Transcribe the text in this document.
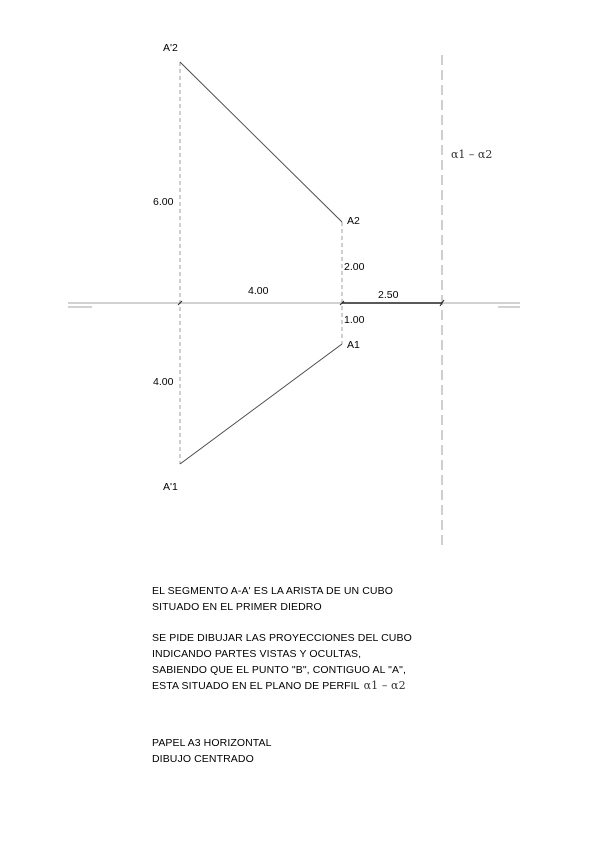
A'2
A2
A1
A'1
6.00
2.00
4.00	2.50
1.00
4.00
α1 – α2

EL SEGMENTO A-A' ES LA ARISTA DE UN CUBO

SITUADO EN EL PRIMER DIEDRO

SE PIDE DIBUJAR LAS PROYECCIONES DEL CUBO

INDICANDO PARTES VISTAS Y OCULTAS,

SABIENDO QUE EL PUNTO "B", CONTIGUO AL "A",

ESTA SITUADO EN EL PLANO DE PERFIL α1 – α2

PAPEL A3 HORIZONTAL

DIBUJO CENTRADO
